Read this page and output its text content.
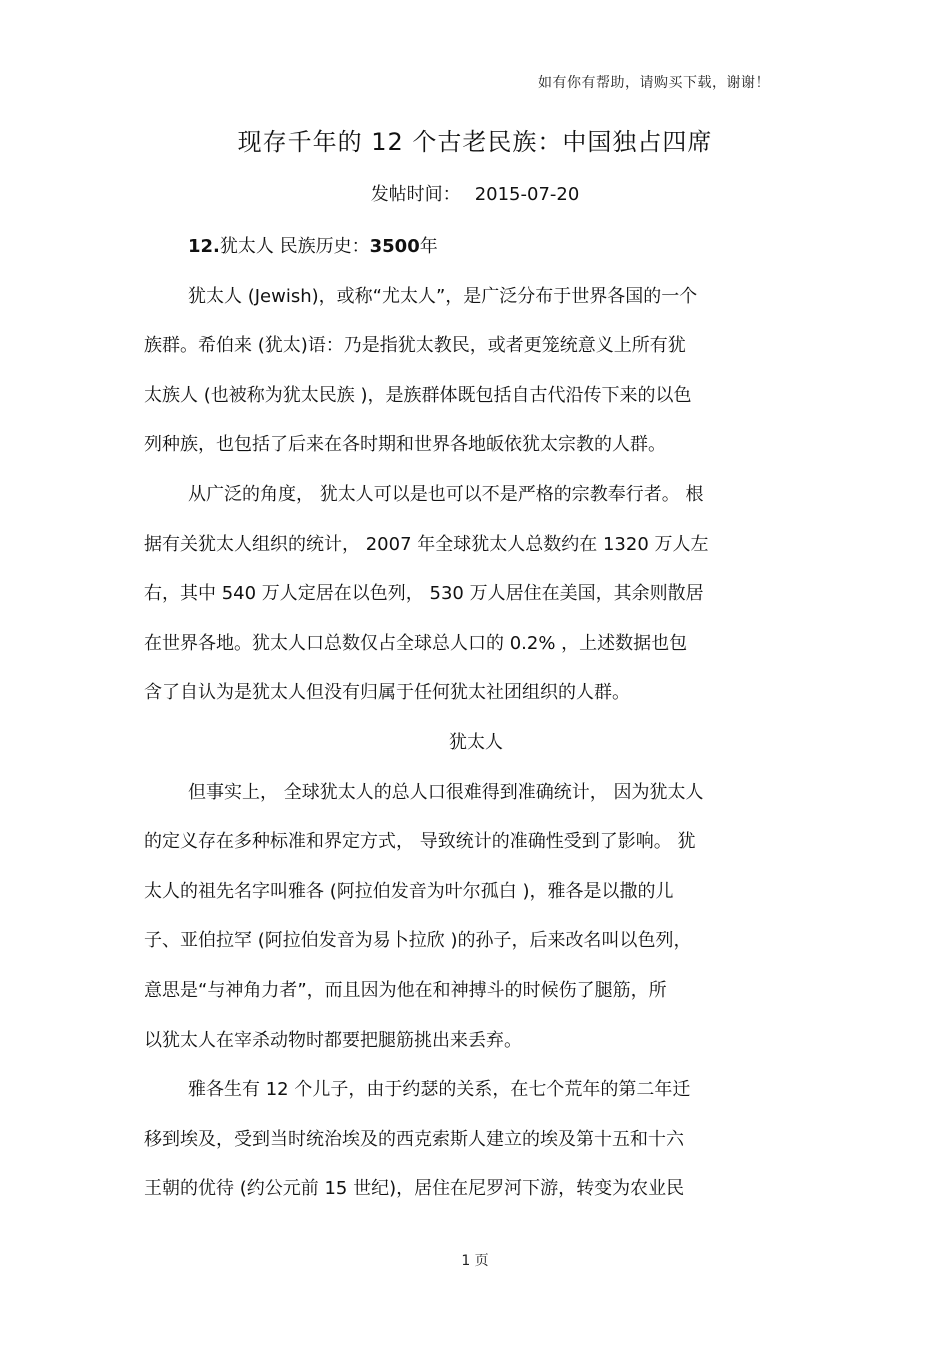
如有你有帮助，请购买下载，谢谢！
现存千年的 12 个古老民族：中国独占四席
发帖时间： 2015-07-20
12.犹太人 民族历史：3500年
犹太人 (Jewish)，或称“尤太人”，是广泛分布于世界各国的一个
族群。希伯来 (犹太)语：乃是指犹太教民，或者更笼统意义上所有犹
太族人 (也被称为犹太民族 )，是族群体既包括自古代沿传下来的以色
列种族，也包括了后来在各时期和世界各地皈依犹太宗教的人群。
从广泛的角度， 犹太人可以是也可以不是严格的宗教奉行者。 根
据有关犹太人组织的统计， 2007 年全球犹太人总数约在 1320 万人左
右，其中 540 万人定居在以色列， 530 万人居住在美国，其余则散居
在世界各地。犹太人口总数仅占全球总人口的 0.2% ，上述数据也包
含了自认为是犹太人但没有归属于任何犹太社团组织的人群。
犹太人
但事实上， 全球犹太人的总人口很难得到准确统计， 因为犹太人
的定义存在多种标准和界定方式， 导致统计的准确性受到了影响。 犹
太人的祖先名字叫雅各 (阿拉伯发音为叶尔孤白 )，雅各是以撒的儿
子、亚伯拉罕 (阿拉伯发音为易卜拉欣 )的孙子，后来改名叫以色列，
意思是“与神角力者”，而且因为他在和神搏斗的时候伤了腿筋，所
以犹太人在宰杀动物时都要把腿筋挑出来丢弃。
雅各生有 12 个儿子，由于约瑟的关系，在七个荒年的第二年迁
移到埃及，受到当时统治埃及的西克索斯人建立的埃及第十五和十六
王朝的优待 (约公元前 15 世纪)，居住在尼罗河下游，转变为农业民
1 页
